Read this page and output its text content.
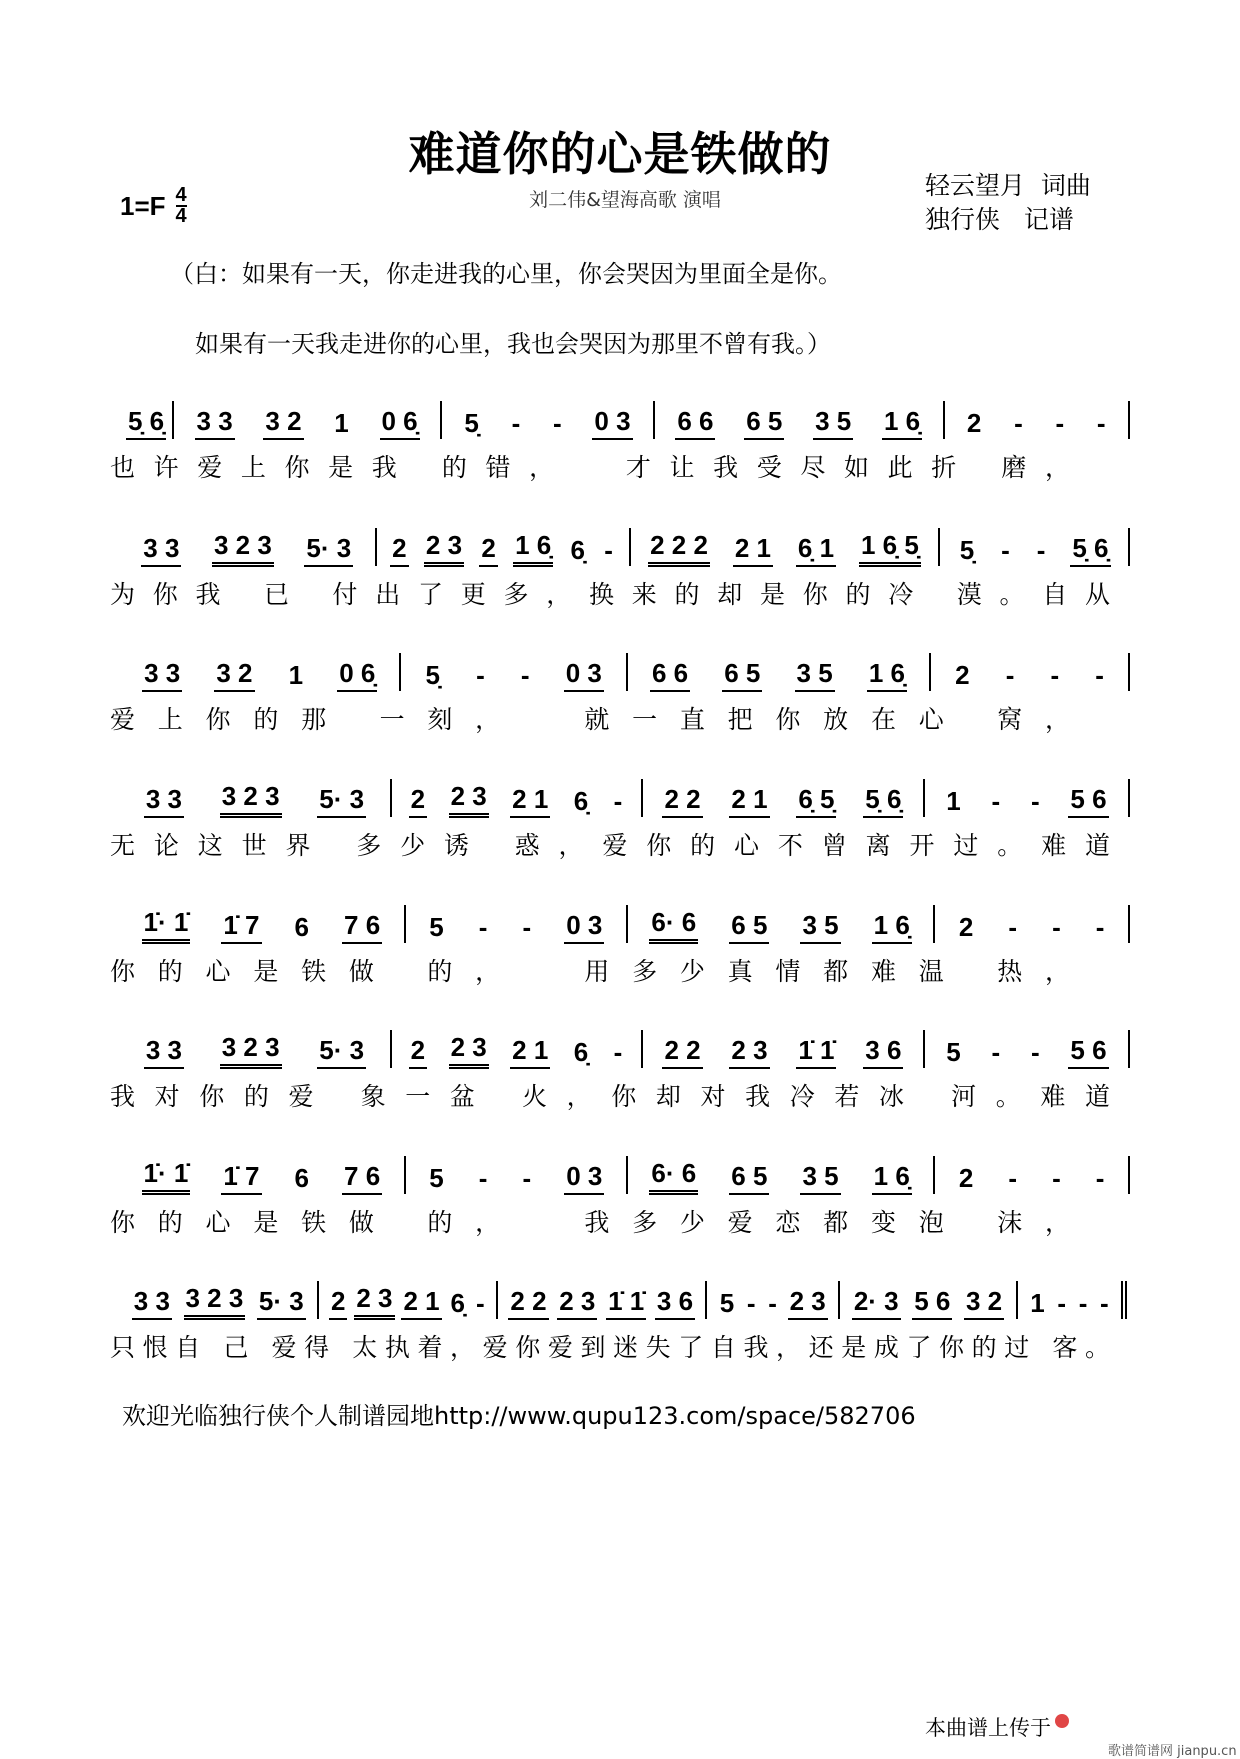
难道你的心是铁做的
$1=F \frac{4}{4}$	刘二伟&望海高歌 演唱	轻云望月  词曲
独行侠   记谱
（白：如果有一天，你走进我的心里，你会哭因为里面全是你。
如果有一天我走进你的心里，我也会哭因为那里不曾有我。）
5̣ 6̣ 3 3 3 2 1 0 6̣ 5̣ - - 0 3 6 6 6 5 3 5 1 6̣ 2 - - -
也许爱上你是我 的错，  才让我受尽如此折 磨，
3 3 3 2 3 5· 3 2 2 3 2 1 6̣ 6̣ - 2 2 2 2 1 6̣ 1 1 6̣ 5̣ 5̣ - - 5̣ 6̣
为你我 已 付出了更多，换来的却是你的冷 漠。自从
3 3 3 2 1 0 6̣ 5̣ - - 0 3 6 6 6 5 3 5 1 6̣ 2 - - -
爱上你的那 一刻，  就一直把你放在心 窝，
3 3 3 2 3 5· 3 2 2 3 2 1 6̣ - 2 2 2 1 6̣ 5̣ 5̣ 6̣ 1 - - 5 6
无论这世界 多少诱 惑，爱你的心不曾离开过。难道
1̇· 1̇ 1̇ 7 6 7 6 5 - - 0 3 6· 6 6 5 3 5 1 6̣ 2 - - -
你的心是铁做 的，  用多少真情都难温 热，
3 3 3 2 3 5· 3 2 2 3 2 1 6̣ - 2 2 2 3 1̇ 1̇ 3 6 5 - - 5 6
我对你的爱 象一盆 火，你却对我冷若冰 河。难道
1̇· 1̇ 1̇ 7 6 7 6 5 - - 0 3 6· 6 6 5 3 5 1 6̣ 2 - - -
你的心是铁做 的，  我多少爱恋都变泡 沫，
3 3 3 2 3 5· 3 2 2 3 2 1 6̣ - 2 2 2 3 1̇ 1̇ 3 6 5 - - 2 3 2· 3 5 6 3 2 1 - - -
只恨自 己 爱得 太执着，爱你爱到迷失了自我，还是成了你的过 客。
欢迎光临独行侠个人制谱园地http://www.qupu123.com/space/582706
本曲谱上传于
歌谱简谱网 jianpu.cn
